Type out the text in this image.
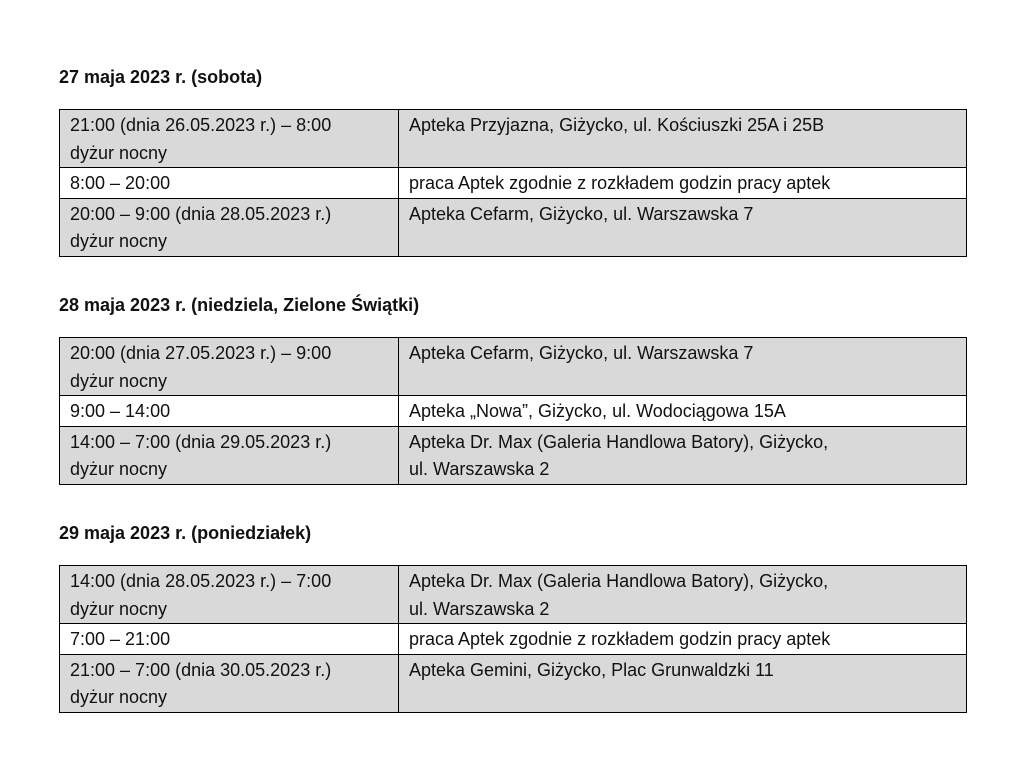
27 maja 2023 r. (sobota)
21:00 (dnia 26.05.2023 r.) – 8:00
dyżur nocny	Apteka Przyjazna, Giżycko, ul. Kościuszki 25A i 25B

8:00 – 20:00	praca Aptek zgodnie z rozkładem godzin pracy aptek

20:00 – 9:00 (dnia 28.05.2023 r.)
dyżur nocny	Apteka Cefarm, Giżycko, ul. Warszawska 7
28 maja 2023 r. (niedziela, Zielone Świątki)
20:00 (dnia 27.05.2023 r.) – 9:00
dyżur nocny	Apteka Cefarm, Giżycko, ul. Warszawska 7

9:00 – 14:00	Apteka „Nowa”, Giżycko, ul. Wodociągowa 15A

14:00 – 7:00 (dnia 29.05.2023 r.)
dyżur nocny	Apteka Dr. Max (Galeria Handlowa Batory), Giżycko,
ul. Warszawska 2
29 maja 2023 r. (poniedziałek)
14:00 (dnia 28.05.2023 r.) – 7:00
dyżur nocny	Apteka Dr. Max (Galeria Handlowa Batory), Giżycko,
ul. Warszawska 2

7:00 – 21:00	praca Aptek zgodnie z rozkładem godzin pracy aptek

21:00 – 7:00 (dnia 30.05.2023 r.)
dyżur nocny	Apteka Gemini, Giżycko, Plac Grunwaldzki 11
